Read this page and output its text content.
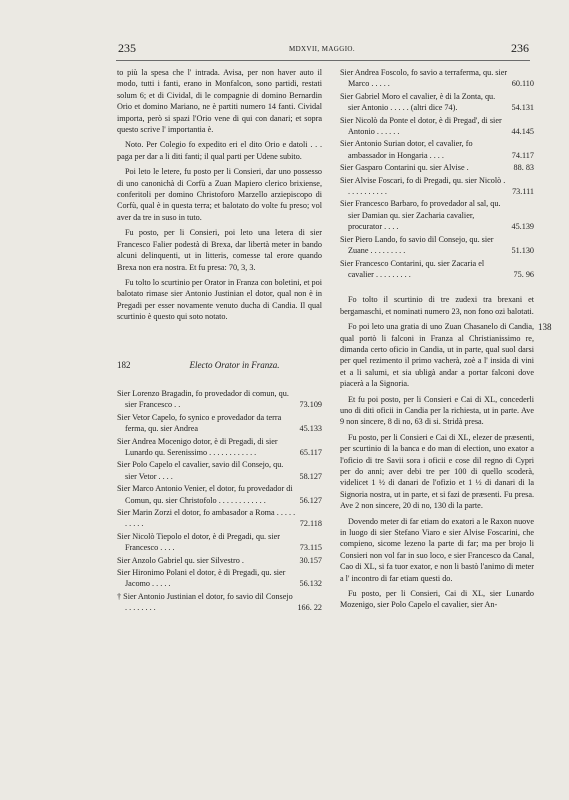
235	MDXVII, MAGGIO.	236
138

to più la spesa che l' intrada. Avisa, per non haver auto il modo, tutti i fanti, erano in Monfalcon, sono partidi, restati solum 6; et di Cividal, di le compagnie di domino Bernardin Orio et domino Mariano, ne è partiti numero 14 fanti. Cividal importa, però si spazi l'Orio vene di qui con danari; et sopra questo scrive l' importantia è.

Noto. Per Colegio fo expedito eri el dito Orio e datoli . . . paga per dar a li diti fanti; il qual parti per Udene subito.

Poi leto le letere, fu posto per li Consieri, dar uno possesso di uno canonichà di Corfù a Zuan Mapiero clerico brixiense, conferitoli per domino Christoforo Marzello arziepiscopo di Corfù, qual è in questa terra; et balotato do volte fu preso; vol aver da tre in suso in tuto.

Fu posto, per li Consieri, poi leto una letera di sier Francesco Falier podestà di Brexa, dar libertà meter in bando alcuni delinquenti, ut in litteris, comesse tal erore quando Brexa non era nostra. Et fu presa: 70, 3, 3.

Fu tolto lo scurtinio per Orator in Franza con boletini, et poi balotato rimase sier Antonio Justinian el dotor, qual non è in Pregadi per esser novamente venuto ducha di Candia. Il qual scurtinio è questo qui soto notato.

182	Electo Orator in Franza.
Sier Lorenzo Bragadin, fo provedador di comun, qu. sier Francesco . .	73.109
Sier Vetor Capelo, fo synico e provedador da terra ferma, qu. sier Andrea	45.133
Sier Andrea Mocenigo dotor, è di Pregadi, di sier Lunardo qu. Serenissimo . . . . . . . . . . . .	65.117
Sier Polo Capelo el cavalier, savio dil Consejo, qu. sier Vetor . . . .	58.127
Sier Marco Antonio Venier, el dotor, fu provedador di Comun, qu. sier Christofolo . . . . . . . . . . . .	56.127
Sier Marin Zorzi el dotor, fo ambasador a Roma . . . . . . . . . .	72.118
Sier Nicolò Tiepolo el dotor, è di Pregadi, qu. sier Francesco . . . .	73.115
Sier Anzolo Gabriel qu. sier Silvestro .	30.157
Sier Hironimo Polani el dotor, è di Pregadi, qu. sier Jacomo . . . . .	56.132
† Sier Antonio Justinian el dotor, fo savio dil Consejo . . . . . . . .	166. 22
Sier Andrea Foscolo, fo savio a terraferma, qu. sier Marco . . . . .	60.110
Sier Gabriel Moro el cavalier, è di la Zonta, qu. sier Antonio . . . . . (altri dice 74).	54.131
Sier Nicolò da Ponte el dotor, è di Pregad', di sier Antonio . . . . . .	44.145
Sier Antonio Surian dotor, el cavalier, fo ambassador in Hongaria . . . .	74.117
Sier Gasparo Contarini qu. sier Alvise .	88. 83
Sier Alvise Foscari, fo di Pregadi, qu. sier Nicolò . . . . . . . . . . .	73.111
Sier Francesco Barbaro, fo provedador al sal, qu. sier Damian qu. sier Zacharia cavalier, procurator . . . .	45.139
Sier Piero Lando, fo savio dil Consejo, qu. sier Zuane . . . . . . . . .	51.130
Sier Francesco Contarini, qu. sier Zacaria el cavalier . . . . . . . . .	75. 96

Fo tolto il scurtinio di tre zudexi tra brexani et bergamaschi, et nominati numero 23, non fono ozi balotati.

Fo poi leto una gratia di uno Zuan Chasanelo di Candia, qual portò li falconi in Franza al Christianissimo re, dimanda certo oficio in Candia, ut in parte, qual suol darsi per quel rezimento il primo vacherà, zoè a l' insida di vini et a li salumi, et sia ubligà andar a portar falconi dove piacerà a la Signoria.

Et fu poi posto, per li Consieri e Cai di XL, concederli uno di diti oficii in Candia per la richiesta, ut in parte. Ave 9 non sincere, 8 di no, 63 di si. Stridà presa.

Fu posto, per li Consieri e Cai di XL, elezer de præsenti, per scurtinio di la banca e do man di election, uno exator a l'oficio di tre Savii sora i oficii e cose dil regno di Cypri per do anni; aver debi tre per 100 di quello scoderà, videlicet 1 ½ di danari de l'ofizio et 1 ½ di danari di la Signoria nostra, ut in parte, et si fazi de præsenti. Fu presa. Ave 2 non sincere, 20 di no, 130 di la parte.

Dovendo meter di far etiam do exatori a le Raxon nuove in luogo di sier Stefano Viaro e sier Alvise Foscarini, che compieno, sicome lezeno la parte di far; ma per brojo li Consieri non vol far in suo loco, e sier Francesco da Canal, Cao di XL, si fa tuor exator, e non li bastò l'animo di meter a l' incontro di far etiam questi do.

Fu posto, per li Consieri, Cai di XL, sier Lunardo Mozenigo, sier Polo Capelo el cavalier, sier An-
